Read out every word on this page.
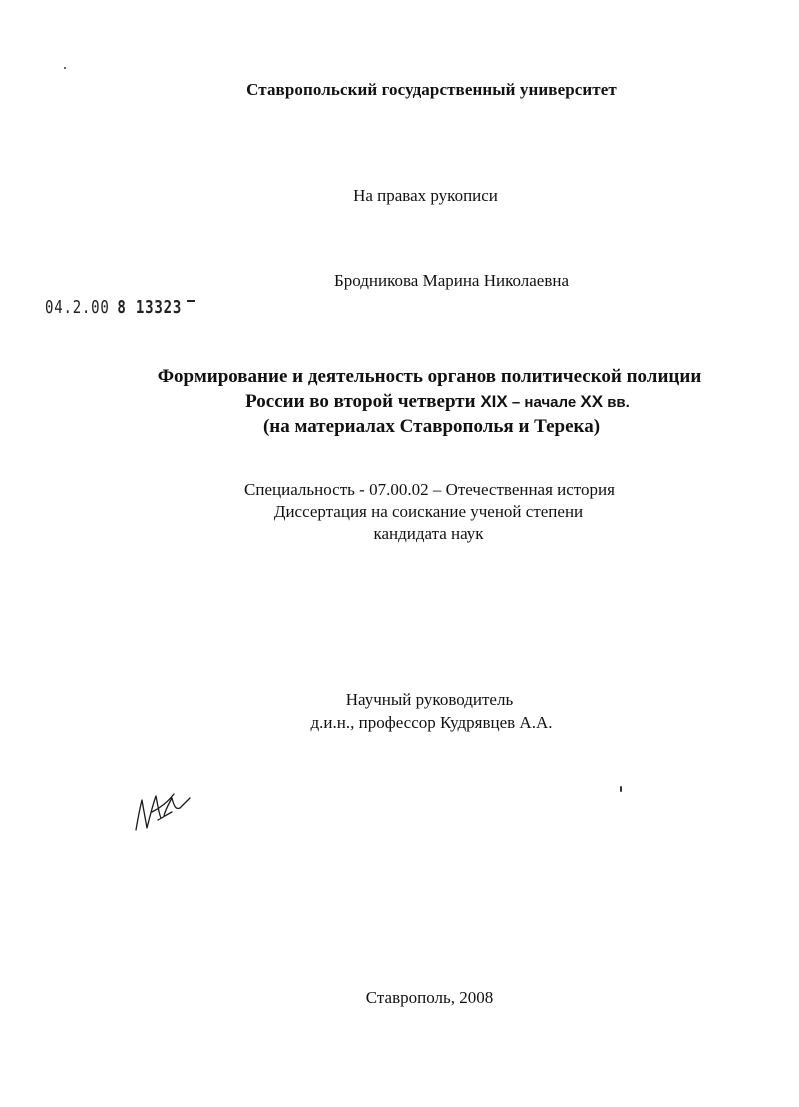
Ставропольский государственный университет
На правах рукописи
Бродникова Марина Николаевна
04.2.00 8 13323
Формирование и деятельность органов политической полиции
России во второй четверти XIX – начале XX вв.
(на материалах Ставрополья и Терека)
Специальность - 07.00.02 – Отечественная история
Диссертация на соискание ученой степени
кандидата наук
Научный руководитель
д.и.н., профессор Кудрявцев А.А.
Ставрополь, 2008
